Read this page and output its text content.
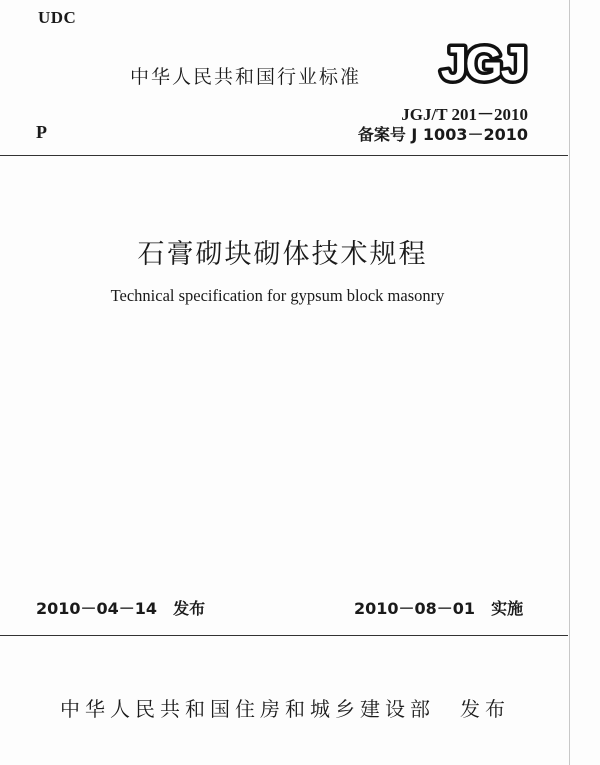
UDC
中华人民共和国行业标准 JGJ
P
JGJ/T 201－2010
备案号 J 1003－2010
石膏砌块砌体技术规程
Technical specification for gypsum block masonry
2010－04－14　发布	2010－08－01　实施
中华人民共和国住房和城乡建设部　发布
